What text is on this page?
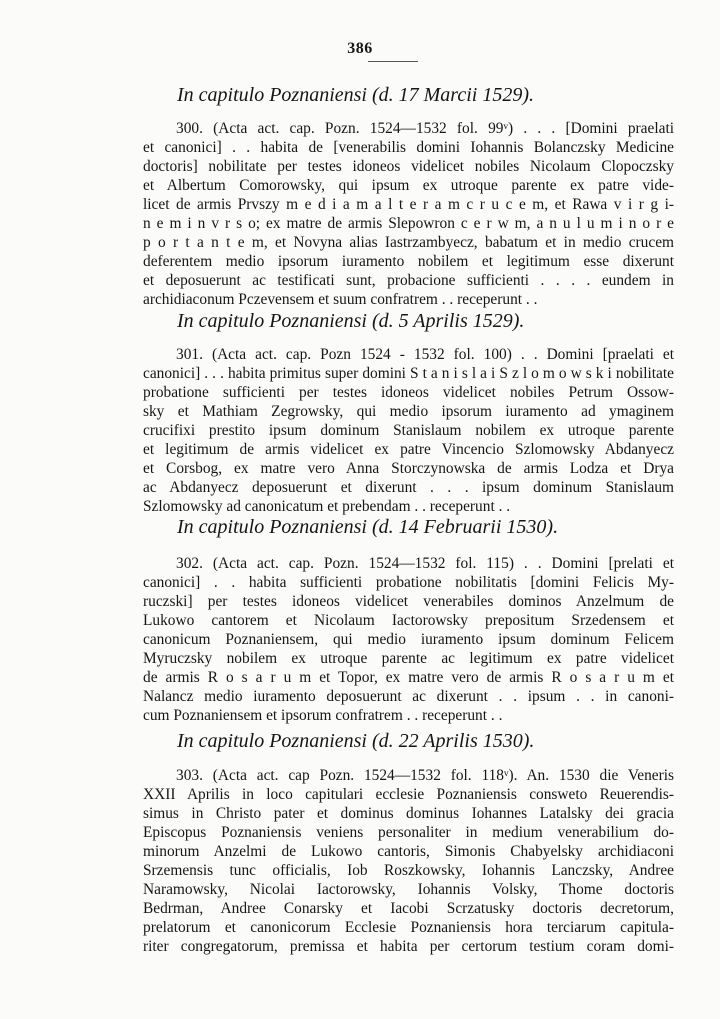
386
In capitulo Poznaniensi (d. 17 Marcii 1529).
300. (Acta act. cap. Pozn. 1524—1532 fol. 99ᵛ) . . . [Domini praelati
et canonici] . . habita de [venerabilis domini Iohannis Bolanczsky Medicine
doctoris] nobilitate per testes idoneos videlicet nobiles Nicolaum Clopoczsky
et Albertum Comorowsky, qui ipsum ex utroque parente ex patre vide-
licet de armis Prvszy m e d i a m a l t e r a m c r u c e m, et Rawa v i r g i-
n e m i n v r s o; ex matre de armis Slepowron c e r w m, a n u l u m i n o r e
p o r t a n t e m, et Novyna alias Iastrzambyecz, babatum et in medio crucem
deferentem medio ipsorum iuramento nobilem et legitimum esse dixerunt
et deposuerunt ac testificati sunt, probacione sufficienti . . . . eundem in
archidiaconum Pczevensem et suum confratrem . . receperunt . .
In capitulo Poznaniensi (d. 5 Aprilis 1529).
301. (Acta act. cap. Pozn 1524 - 1532 fol. 100) . . Domini [praelati et
canonici] . . . habita primitus super domini S t a n i s l a i S z l o m o w s k i nobilitate
probatione sufficienti per testes idoneos videlicet nobiles Petrum Ossow-
sky et Mathiam Zegrowsky, qui medio ipsorum iuramento ad ymaginem
crucifixi prestito ipsum dominum Stanislaum nobilem ex utroque parente
et legitimum de armis videlicet ex patre Vincencio Szlomowsky Abdanyecz
et Corsbog, ex matre vero Anna Storczynowska de armis Lodza et Drya
ac Abdanyecz deposuerunt et dixerunt . . . ipsum dominum Stanislaum
Szlomowsky ad canonicatum et prebendam . . receperunt . .
In capitulo Poznaniensi (d. 14 Februarii 1530).
302. (Acta act. cap. Pozn. 1524—1532 fol. 115) . . Domini [prelati et
canonici] . . habita sufficienti probatione nobilitatis [domini Felicis My-
ruczski] per testes idoneos videlicet venerabiles dominos Anzelmum de
Lukowo cantorem et Nicolaum Iactorowsky prepositum Srzedensem et
canonicum Poznaniensem, qui medio iuramento ipsum dominum Felicem
Myruczsky nobilem ex utroque parente ac legitimum ex patre videlicet
de armis R o s a r u m et Topor, ex matre vero de armis R o s a r u m et
Nalancz medio iuramento deposuerunt ac dixerunt . . ipsum . . in canoni-
cum Poznaniensem et ipsorum confratrem . . receperunt . .
In capitulo Poznaniensi (d. 22 Aprilis 1530).
303. (Acta act. cap Pozn. 1524—1532 fol. 118ᵛ). An. 1530 die Veneris
XXII Aprilis in loco capitulari ecclesie Poznaniensis consweto Reuerendis-
simus in Christo pater et dominus dominus Iohannes Latalsky dei gracia
Episcopus Poznaniensis veniens personaliter in medium venerabilium do-
minorum Anzelmi de Lukowo cantoris, Simonis Chabyelsky archidiaconi
Srzemensis tunc officialis, Iob Roszkowsky, Iohannis Lanczsky, Andree
Naramowsky, Nicolai Iactorowsky, Iohannis Volsky, Thome doctoris
Bedrman, Andree Conarsky et Iacobi Scrzatusky doctoris decretorum,
prelatorum et canonicorum Ecclesie Poznaniensis hora terciarum capitula-
riter congregatorum, premissa et habita per certorum testium coram domi-
